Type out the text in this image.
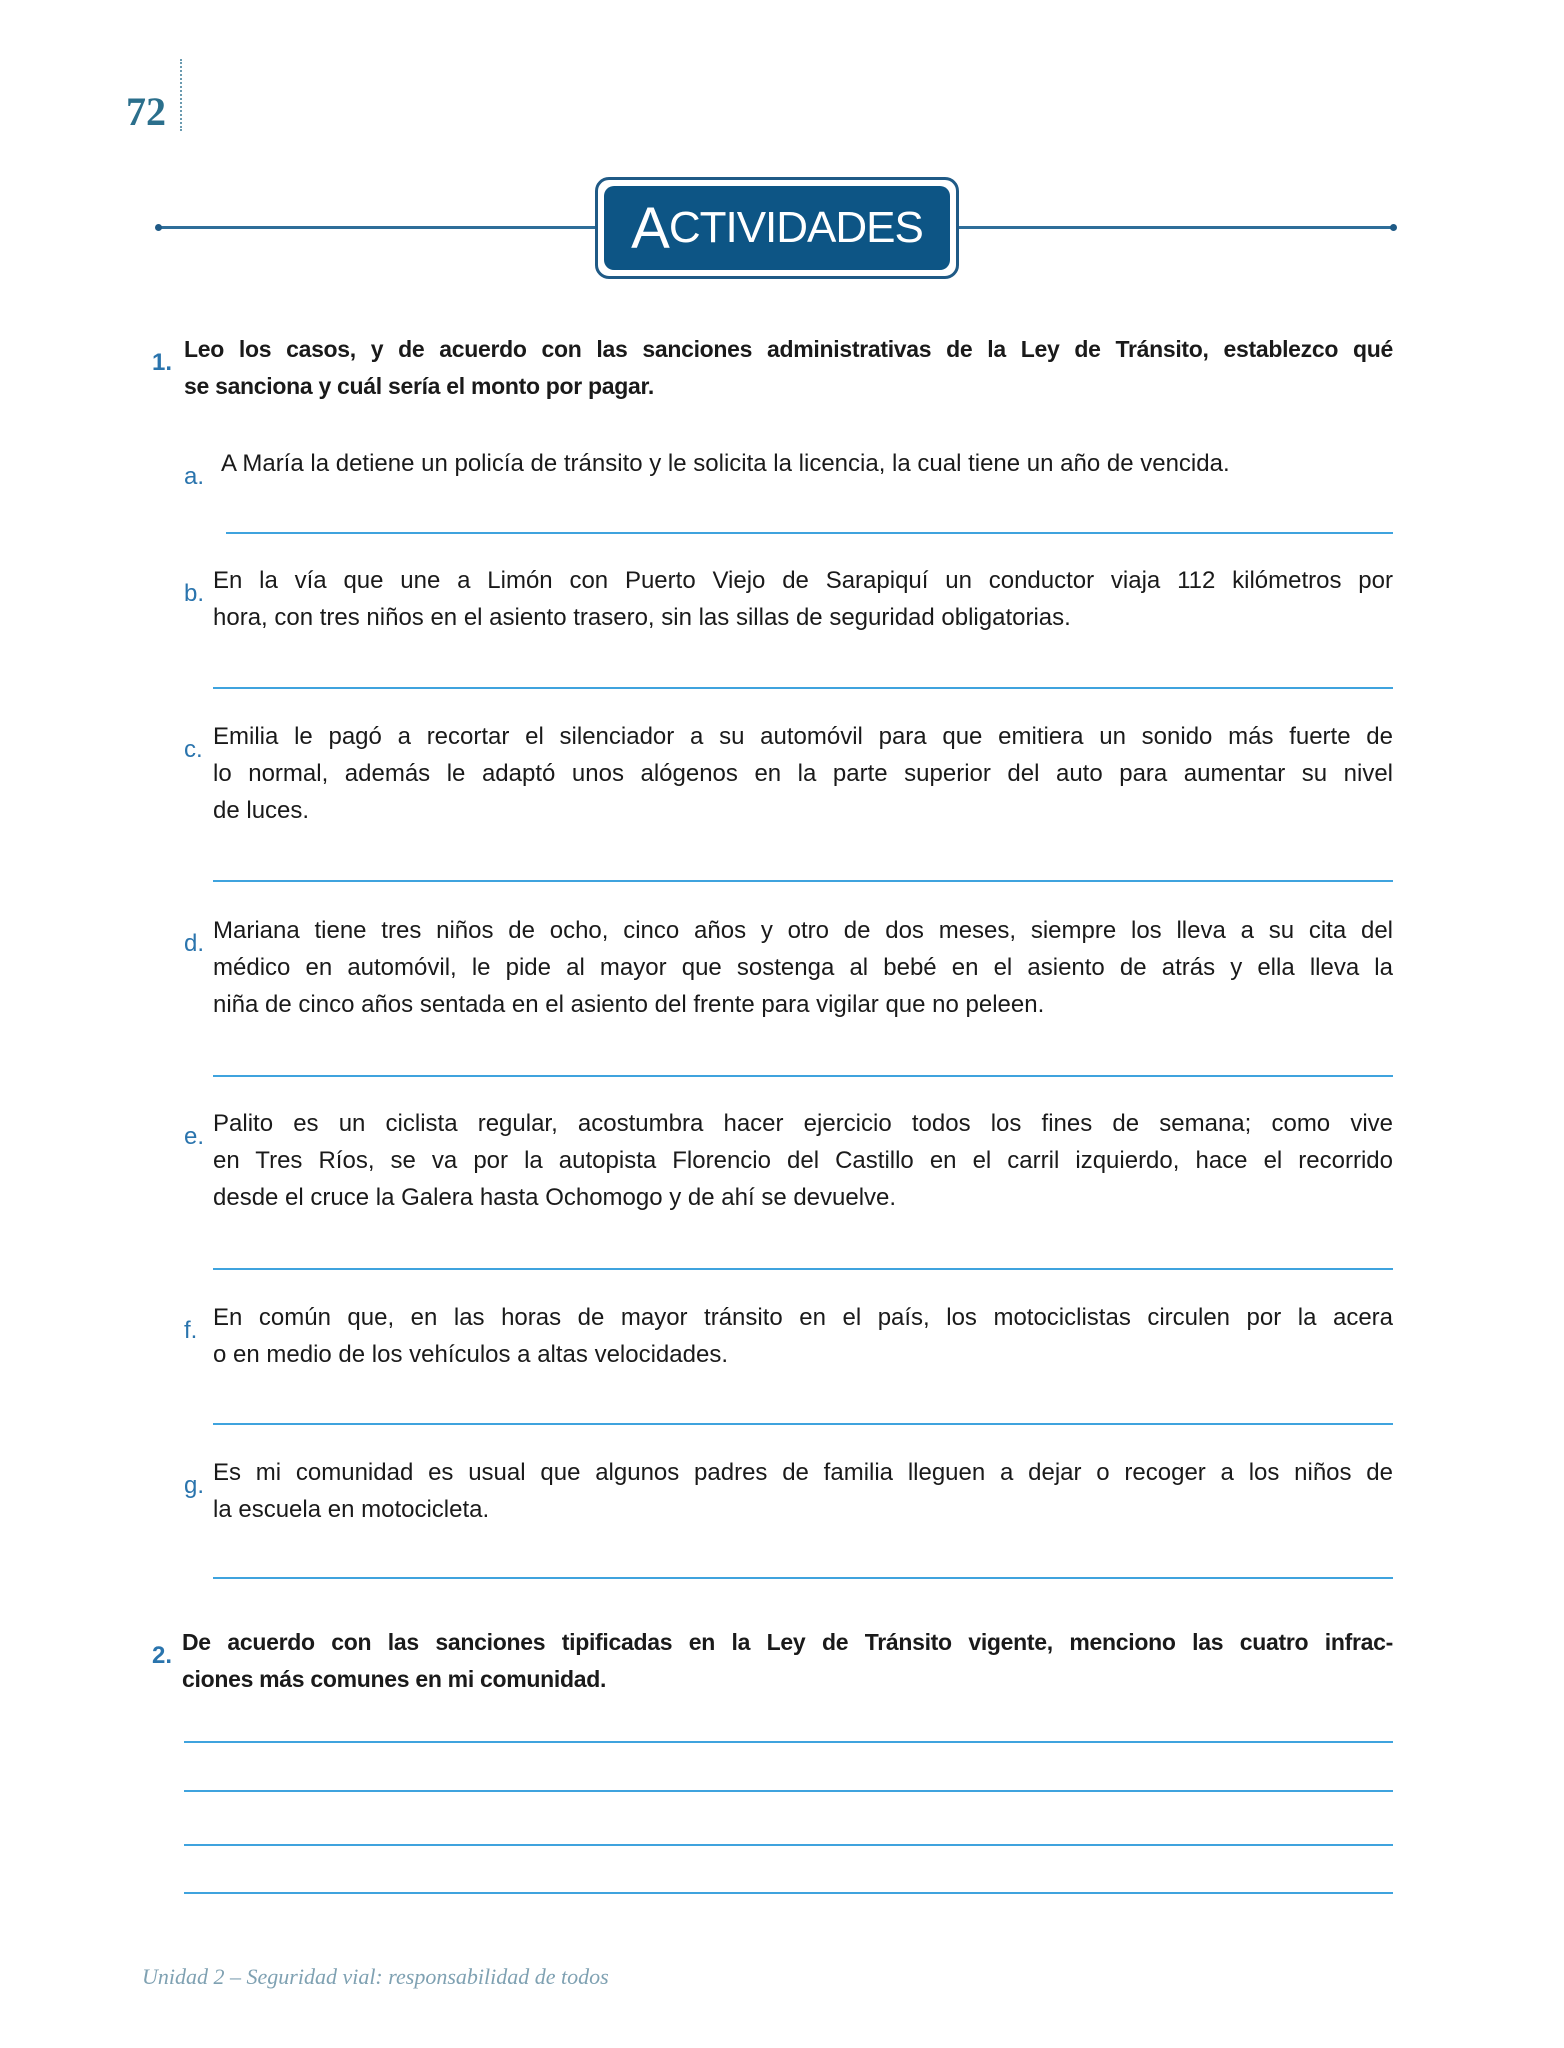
72
A CTIVIDADES
1. Leo los casos, y de acuerdo con las sanciones administrativas de la Ley de Tránsito, establezco qué
se sanciona y cuál sería el monto por pagar.
a. A María la detiene un policía de tránsito y le solicita la licencia, la cual tiene un año de vencida.
b. En la vía que une a Limón con Puerto Viejo de Sarapiquí un conductor viaja 112 kilómetros por
hora, con tres niños en el asiento trasero, sin las sillas de seguridad obligatorias.
c. Emilia le pagó a recortar el silenciador a su automóvil para que emitiera un sonido más fuerte de
lo normal, además le adaptó unos alógenos en la parte superior del auto para aumentar su nivel
de luces.
d. Mariana tiene tres niños de ocho, cinco años y otro de dos meses, siempre los lleva a su cita del
médico en automóvil, le pide al mayor que sostenga al bebé en el asiento de atrás y ella lleva la
niña de cinco años sentada en el asiento del frente para vigilar que no peleen.
e. Palito es un ciclista regular, acostumbra hacer ejercicio todos los fines de semana; como vive
en Tres Ríos, se va por la autopista Florencio del Castillo en el carril izquierdo, hace el recorrido
desde el cruce la Galera hasta Ochomogo y de ahí se devuelve.
f. En común que, en las horas de mayor tránsito en el país, los motociclistas circulen por la acera
o en medio de los vehículos a altas velocidades.
g. Es mi comunidad es usual que algunos padres de familia lleguen a dejar o recoger a los niños de
la escuela en motocicleta.
2. De acuerdo con las sanciones tipificadas en la Ley de Tránsito vigente, menciono las cuatro infrac-
ciones más comunes en mi comunidad.
Unidad 2 – Seguridad vial: responsabilidad de todos
